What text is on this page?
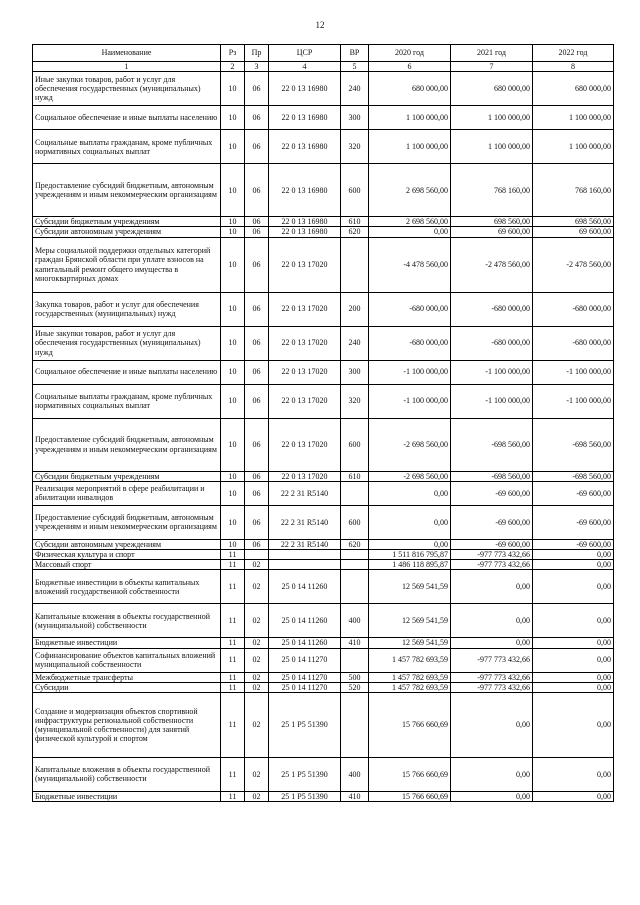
12
Наименование	Рз	Пр	ЦСР	ВР	2020 год	2021 год	2022 год
1	2	3	4	5	6	7	8
Иные закупки товаров, работ и услуг для обеспечения государственных (муниципальных) нужд	10	06	22 0 13 16980	240	680 000,00	680 000,00	680 000,00
Социальное обеспечение и иные выплаты населению	10	06	22 0 13 16980	300	1 100 000,00	1 100 000,00	1 100 000,00
Социальные выплаты гражданам, кроме публичных нормативных социальных выплат	10	06	22 0 13 16980	320	1 100 000,00	1 100 000,00	1 100 000,00
Предоставление субсидий бюджетным, автономным учреждениям и иным некоммерческим организациям	10	06	22 0 13 16980	600	2 698 560,00	768 160,00	768 160,00
Субсидии бюджетным учреждениям	10	06	22 0 13 16980	610	2 698 560,00	698 560,00	698 560,00
Субсидии автономным учреждениям	10	06	22 0 13 16980	620	0,00	69 600,00	69 600,00
Меры социальной поддержки отдельных категорий граждан Брянской области при уплате взносов на капитальный ремонт общего имущества в многоквартирных домах	10	06	22 0 13 17020		-4 478 560,00	-2 478 560,00	-2 478 560,00
Закупка товаров, работ и услуг для обеспечения государственных (муниципальных) нужд	10	06	22 0 13 17020	200	-680 000,00	-680 000,00	-680 000,00
Иные закупки товаров, работ и услуг для обеспечения государственных (муниципальных) нужд	10	06	22 0 13 17020	240	-680 000,00	-680 000,00	-680 000,00
Социальное обеспечение и иные выплаты населению	10	06	22 0 13 17020	300	-1 100 000,00	-1 100 000,00	-1 100 000,00
Социальные выплаты гражданам, кроме публичных нормативных социальных выплат	10	06	22 0 13 17020	320	-1 100 000,00	-1 100 000,00	-1 100 000,00
Предоставление субсидий бюджетным, автономным учреждениям и иным некоммерческим организациям	10	06	22 0 13 17020	600	-2 698 560,00	-698 560,00	-698 560,00
Субсидии бюджетным учреждениям	10	06	22 0 13 17020	610	-2 698 560,00	-698 560,00	-698 560,00
Реализация мероприятий в сфере реабилитации и абилитации инвалидов	10	06	22 2 31 R5140		0,00	-69 600,00	-69 600,00
Предоставление субсидий бюджетным, автономным учреждениям и иным некоммерческим организациям	10	06	22 2 31 R5140	600	0,00	-69 600,00	-69 600,00
Субсидии автономным учреждениям	10	06	22 2 31 R5140	620	0,00	-69 600,00	-69 600,00
Физическая культура и спорт	11				1 511 816 795,87	-977 773 432,66	0,00
Массовый спорт	11	02			1 486 118 895,87	-977 773 432,66	0,00
Бюджетные инвестиции в объекты капитальных вложений государственной собственности	11	02	25 0 14 11260		12 569 541,59	0,00	0,00
Капитальные вложения в объекты государственной (муниципальной) собственности	11	02	25 0 14 11260	400	12 569 541,59	0,00	0,00
Бюджетные инвестиции	11	02	25 0 14 11260	410	12 569 541,59	0,00	0,00
Софинансирование объектов капитальных вложений муниципальной собственности	11	02	25 0 14 11270		1 457 782 693,59	-977 773 432,66	0,00
Межбюджетные трансферты	11	02	25 0 14 11270	500	1 457 782 693,59	-977 773 432,66	0,00
Субсидии	11	02	25 0 14 11270	520	1 457 782 693,59	-977 773 432,66	0,00
Создание и модернизация объектов спортивной инфраструктуры региональной собственности (муниципальной собственности) для занятий физической культурой и спортом	11	02	25 1 P5 51390		15 766 660,69	0,00	0,00
Капитальные вложения в объекты государственной (муниципальной) собственности	11	02	25 1 P5 51390	400	15 766 660,69	0,00	0,00
Бюджетные инвестиции	11	02	25 1 P5 51390	410	15 766 660,69	0,00	0,00
